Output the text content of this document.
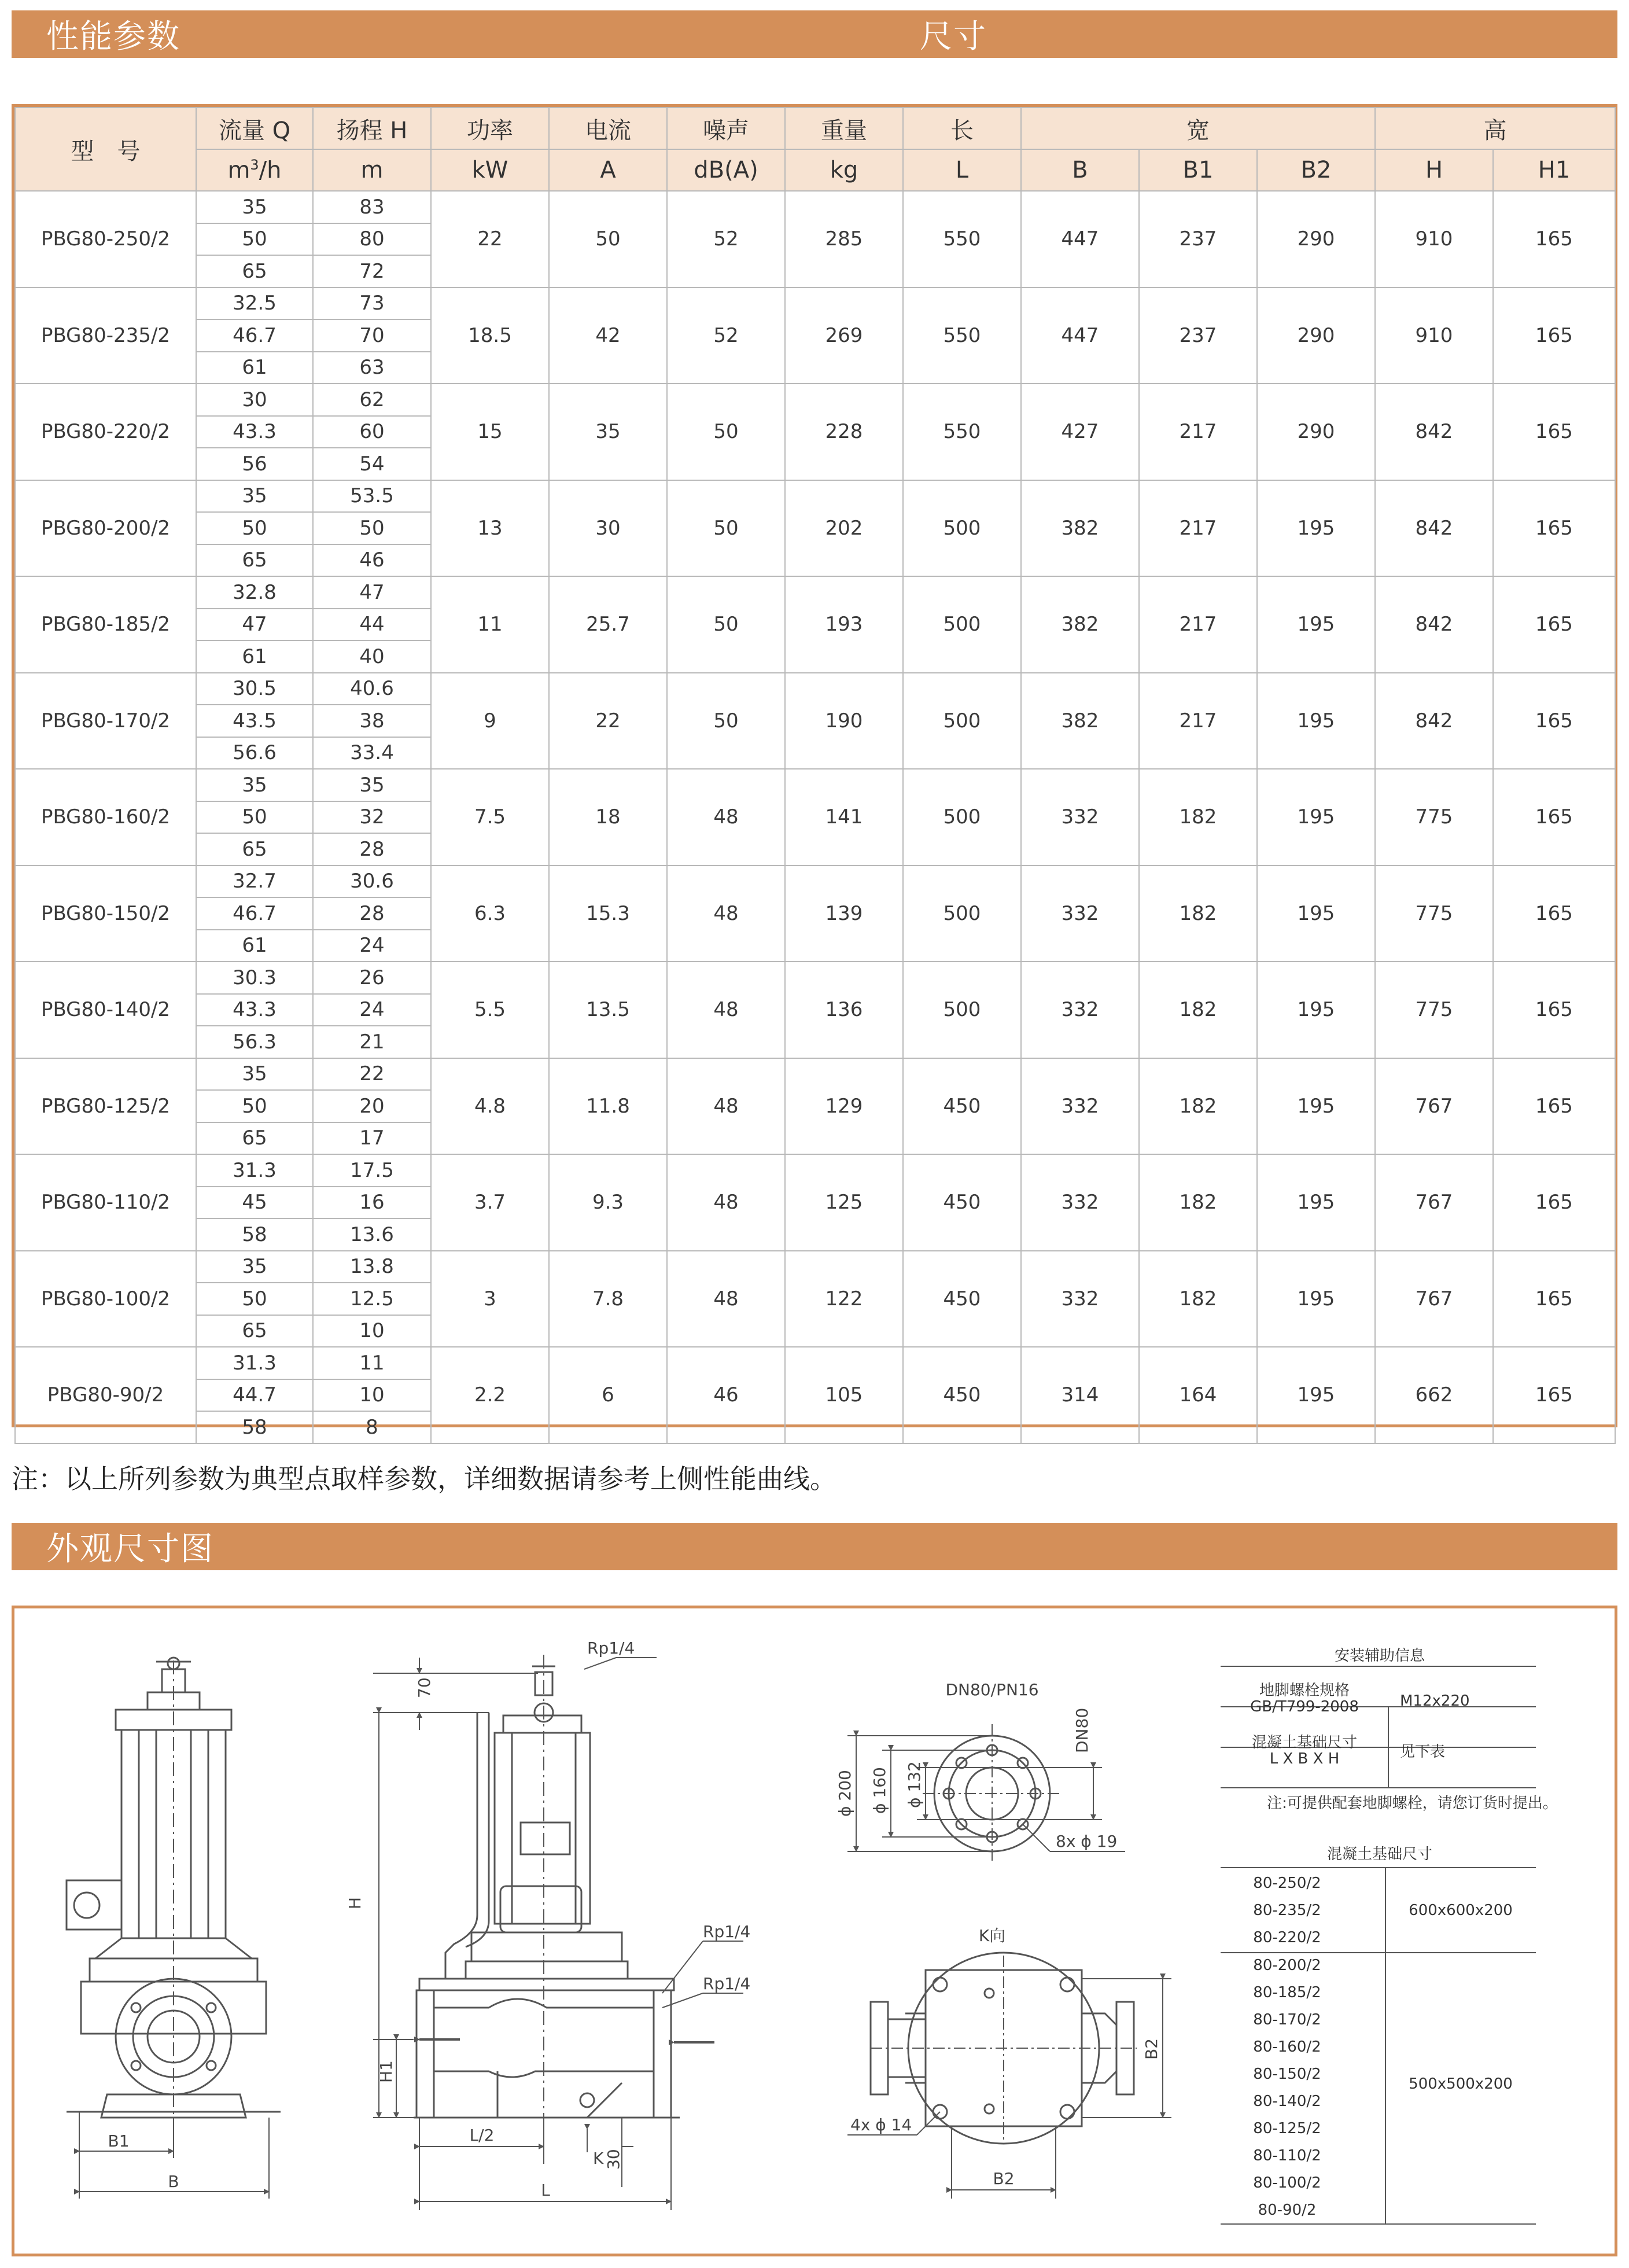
性能参数	尺寸
型　号	流量 Q	扬程 H	功率	电流	噪声	重量	长	宽			高	
	$m^3/h$	m	kW	A	dB(A)	kg	L	B	B1	B2	H	H1
PBG80-250/2	35	83	22	50	52	285	550	447	237	290	910	165
	50	80										
	65	72										
PBG80-235/2	32.5	73	18.5	42	52	269	550	447	237	290	910	165
	46.7	70										
	61	63										
PBG80-220/2	30	62	15	35	50	228	550	427	217	290	842	165
	43.3	60										
	56	54										
PBG80-200/2	35	53.5	13	30	50	202	500	382	217	195	842	165
	50	50										
	65	46										
PBG80-185/2	32.8	47	11	25.7	50	193	500	382	217	195	842	165
	47	44										
	61	40										
PBG80-170/2	30.5	40.6	9	22	50	190	500	382	217	195	842	165
	43.5	38										
	56.6	33.4										
PBG80-160/2	35	35	7.5	18	48	141	500	332	182	195	775	165
	50	32										
	65	28										
PBG80-150/2	32.7	30.6	6.3	15.3	48	139	500	332	182	195	775	165
	46.7	28										
	61	24										
PBG80-140/2	30.3	26	5.5	13.5	48	136	500	332	182	195	775	165
	43.3	24										
	56.3	21										
PBG80-125/2	35	22	4.8	11.8	48	129	450	332	182	195	767	165
	50	20										
	65	17										
PBG80-110/2	31.3	17.5	3.7	9.3	48	125	450	332	182	195	767	165
	45	16										
	58	13.6										
PBG80-100/2	35	13.8	3	7.8	48	122	450	332	182	195	767	165
	50	12.5										
	65	10										
PBG80-90/2	31.3	11	2.2	6	46	105	450	314	164	195	662	165
	44.7	10										
	58	8										
注：以上所列参数为典型点取样参数，详细数据请参考上侧性能曲线。
外观尺寸图
B1
B
Rp1/4
Rp1/4
Rp1/4
70
H
H1
L/2
K 30
L
DN80/PN16
DN80
ϕ 200 ϕ 160 ϕ 132
8x ϕ 19
K向
4x ϕ 14
B2
B2
安装辅助信息
地脚螺栓规格
GB/T799-2008	M12x220
混凝土基础尺寸
L X B X H	见下表
注:可提供配套地脚螺栓，请您订货时提出。
混凝土基础尺寸
80-250/2
80-235/2
80-220/2
600x600x200
80-200/2
80-185/2
80-170/2
80-160/2
80-150/2
80-140/2
80-125/2
80-110/2
80-100/2
80-90/2
500x500x200
